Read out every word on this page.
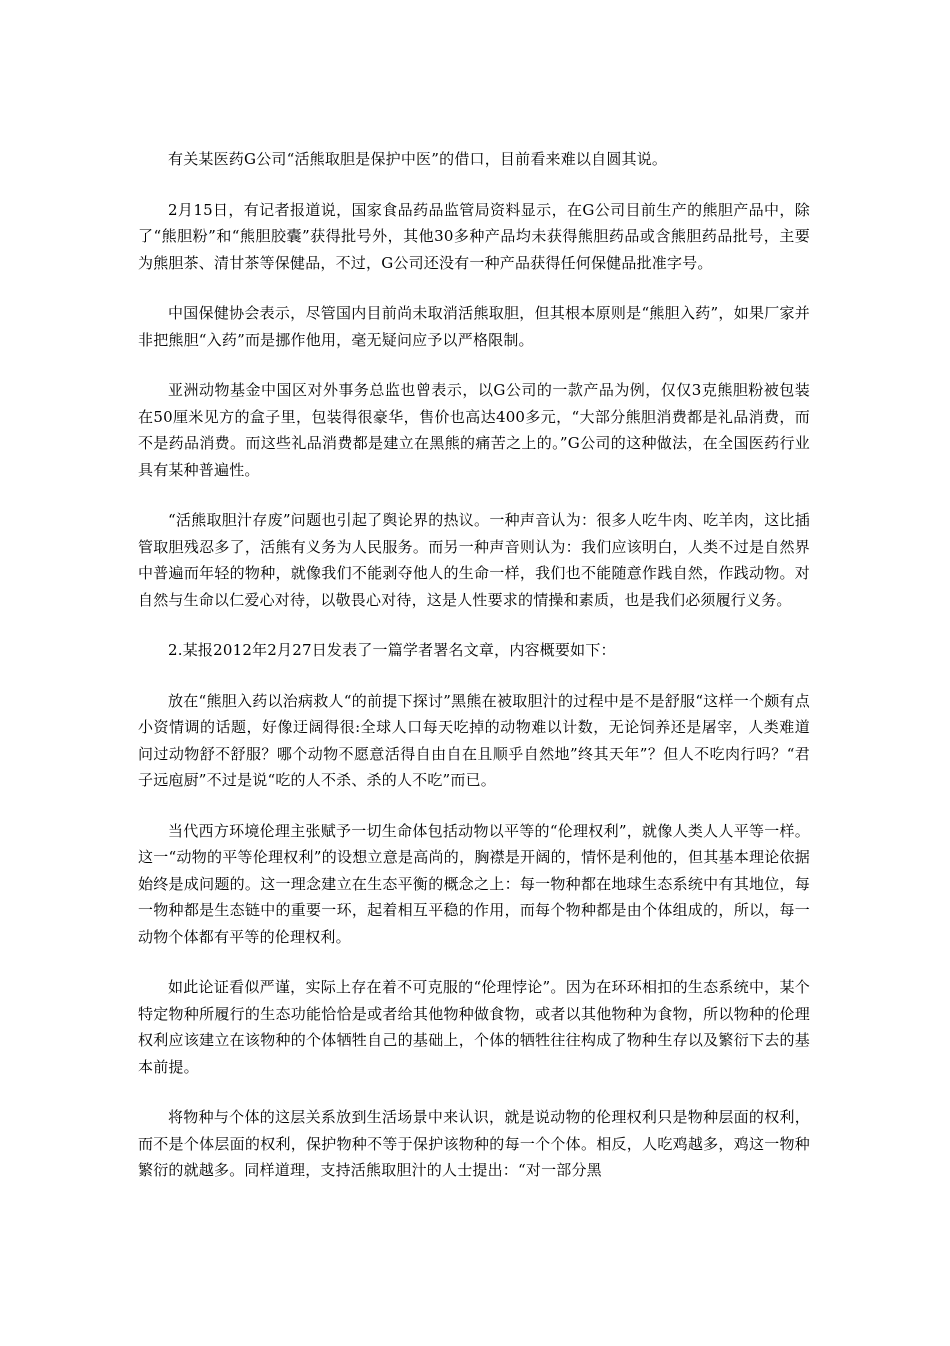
有关某医药G公司“活熊取胆是保护中医”的借口，目前看来难以自圆其说。

2月15日，有记者报道说，国家食品药品监管局资料显示，在G公司目前生产的熊胆产品中，除了“熊胆粉”和“熊胆胶囊”获得批号外，其他30多种产品均未获得熊胆药品或含熊胆药品批号，主要为熊胆茶、清甘茶等保健品，不过，G公司还没有一种产品获得任何保健品批准字号。

中国保健协会表示，尽管国内目前尚未取消活熊取胆，但其根本原则是“熊胆入药”，如果厂家并非把熊胆“入药”而是挪作他用，毫无疑问应予以严格限制。

亚洲动物基金中国区对外事务总监也曾表示，以G公司的一款产品为例，仅仅3克熊胆粉被包装在50厘米见方的盒子里，包装得很豪华，售价也高达400多元，“大部分熊胆消费都是礼品消费，而不是药品消费。而这些礼品消费都是建立在黑熊的痛苦之上的。”G公司的这种做法，在全国医药行业具有某种普遍性。

“活熊取胆汁存废”问题也引起了舆论界的热议。一种声音认为：很多人吃牛肉、吃羊肉，这比插管取胆残忍多了，活熊有义务为人民服务。而另一种声音则认为：我们应该明白，人类不过是自然界中普遍而年轻的物种，就像我们不能剥夺他人的生命一样，我们也不能随意作践自然，作践动物。对自然与生命以仁爱心对待，以敬畏心对待，这是人性要求的情操和素质，也是我们必须履行义务。

2.某报2012年2月27日发表了一篇学者署名文章，内容概要如下：

放在“熊胆入药以治病救人“的前提下探讨”黑熊在被取胆汁的过程中是不是舒服“这样一个颇有点小资情调的话题，好像迂阔得很:全球人口每天吃掉的动物难以计数，无论饲养还是屠宰，人类难道问过动物舒不舒服？哪个动物不愿意活得自由自在且顺乎自然地”终其天年”？但人不吃肉行吗？“君子远庖厨”不过是说“吃的人不杀、杀的人不吃”而已。

当代西方环境伦理主张赋予一切生命体包括动物以平等的“伦理权利”，就像人类人人平等一样。这一“动物的平等伦理权利”的设想立意是高尚的，胸襟是开阔的，情怀是利他的，但其基本理论依据始终是成问题的。这一理念建立在生态平衡的概念之上：每一物种都在地球生态系统中有其地位，每一物种都是生态链中的重要一环，起着相互平稳的作用，而每个物种都是由个体组成的，所以，每一动物个体都有平等的伦理权利。

如此论证看似严谨，实际上存在着不可克服的“伦理悖论”。因为在环环相扣的生态系统中，某个特定物种所履行的生态功能恰恰是或者给其他物种做食物，或者以其他物种为食物，所以物种的伦理权利应该建立在该物种的个体牺牲自己的基础上，个体的牺牲往往构成了物种生存以及繁衍下去的基本前提。

将物种与个体的这层关系放到生活场景中来认识，就是说动物的伦理权利只是物种层面的权利，而不是个体层面的权利，保护物种不等于保护该物种的每一个个体。相反，人吃鸡越多，鸡这一物种繁衍的就越多。同样道理，支持活熊取胆汁的人士提出：“对一部分黑
